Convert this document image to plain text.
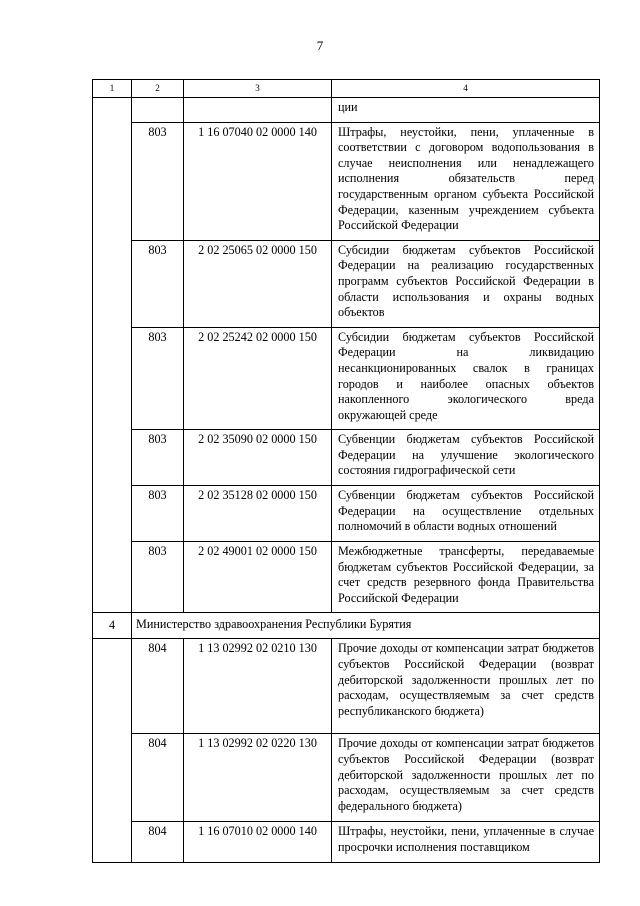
7
1	2	3	4
			ции
	803	1 16 07040 02 0000 140	Штрафы, неустойки, пени, уплаченные в соответствии с договором водопользования в случае неисполнения или ненадлежащего исполнения обязательств перед государственным органом субъекта Российской Федерации, казенным учреждением субъекта Российской Федерации
	803	2 02 25065 02 0000 150	Субсидии бюджетам субъектов Российской Федерации на реализацию государственных программ субъектов Российской Федерации в области использования и охраны водных объектов
	803	2 02 25242 02 0000 150	Субсидии бюджетам субъектов Российской Федерации на ликвидацию несанкционированных свалок в границах городов и наиболее опасных объектов накопленного экологического вреда окружающей среде
	803	2 02 35090 02 0000 150	Субвенции бюджетам субъектов Российской Федерации на улучшение экологического состояния гидрографической сети
	803	2 02 35128 02 0000 150	Субвенции бюджетам субъектов Российской Федерации на осуществление отдельных полномочий в области водных отношений
	803	2 02 49001 02 0000 150	Межбюджетные трансферты, передаваемые бюджетам субъектов Российской Федерации, за счет средств резервного фонда Правительства Российской Федерации
4	Министерство здравоохранения Республики Бурятия		
	804	1 13 02992 02 0210 130	Прочие доходы от компенсации затрат бюджетов субъектов Российской Федерации (возврат дебиторской задолженности прошлых лет по расходам, осуществляемым за счет средств республиканского бюджета)
	804	1 13 02992 02 0220 130	Прочие доходы от компенсации затрат бюджетов субъектов Российской Федерации (возврат дебиторской задолженности прошлых лет по расходам, осуществляемым за счет средств федерального бюджета)
	804	1 16 07010 02 0000 140	Штрафы, неустойки, пени, уплаченные в случае просрочки исполнения поставщиком
